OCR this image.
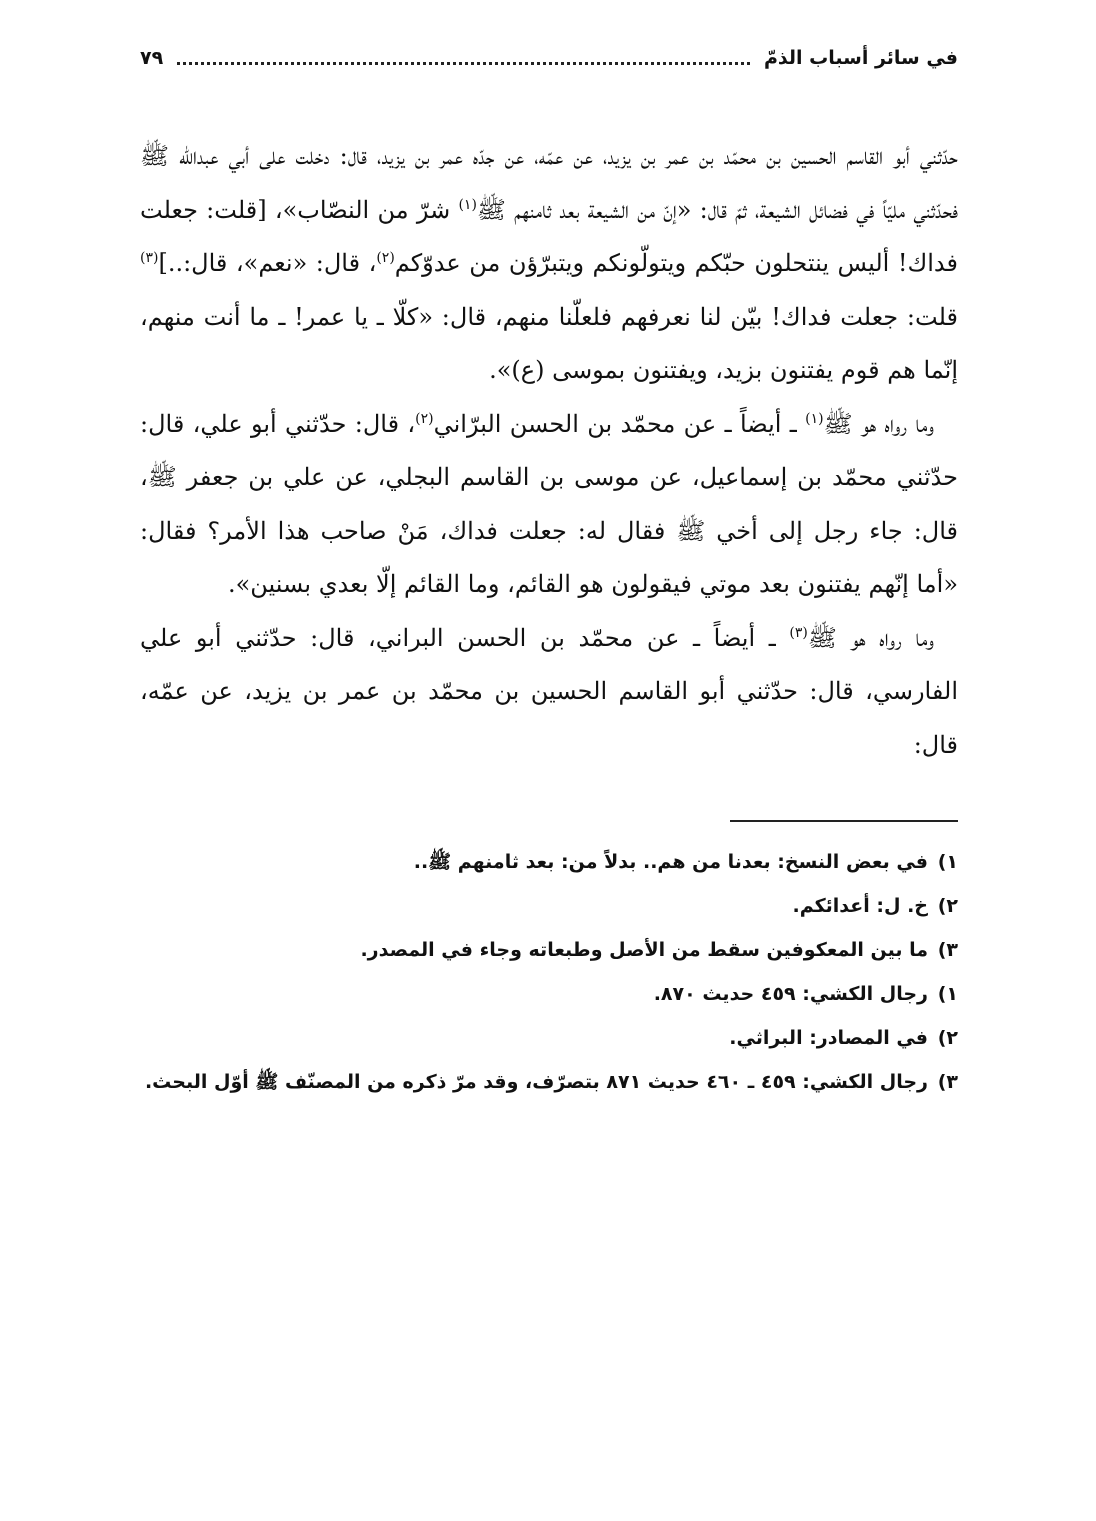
في سائر أسباب الذمّ
٧٩

حدّثني أبو القاسم الحسين بن محمّد بن عمر بن يزيد، عن عمّه، عن جدّه عمر بن يزيد، قال: دخلت على أبي عبدالله ﷺ فحدّثني مليّاً في فضائل الشيعة، ثمّ قال: «إنّ من الشيعة بعد ثامنهم ﷺ$^{(١)}$ شرّ من النصّاب»، [قلت: جعلت فداك! أليس ينتحلون حبّكم ويتولّونكم ويتبرّؤن من عدوّكم$^{(٢)}$، قال: «نعم»، قال:..]$^{(٣)}$ قلت: جعلت فداك! بيّن لنا نعرفهم فلعلّنا منهم، قال: «كلّا ـ يا عمر! ـ ما أنت منهم، إنّما هم قوم يفتنون بزيد، ويفتنون بموسى (ع)».

وما رواه هو ﷺ$^{(١)}$ ـ أيضاً ـ عن محمّد بن الحسن البرّاني$^{(٢)}$، قال: حدّثني أبو علي، قال: حدّثني محمّد بن إسماعيل، عن موسى بن القاسم البجلي، عن علي بن جعفر ﷺ، قال: جاء رجل إلى أخي ﷺ فقال له: جعلت فداك، مَنْ صاحب هذا الأمر؟ فقال: «أما إنّهم يفتنون بعد موتي فيقولون هو القائم، وما القائم إلّا بعدي بسنين».

وما رواه هو ﷺ$^{(٣)}$ ـ أيضاً ـ عن محمّد بن الحسن البراني، قال: حدّثني أبو علي الفارسي، قال: حدّثني أبو القاسم الحسين بن محمّد بن عمر بن يزيد، عن عمّه، قال:

١)
في بعض النسخ: بعدنا من هم.. بدلاً من: بعد ثامنهم ﷺ..
٢)
خ. ل: أعدائكم.
٣)
ما بين المعكوفين سقط من الأصل وطبعاته وجاء في المصدر.
١)
رجال الكشي: ٤٥٩ حديث ٨٧٠.
٢)
في المصادر: البراثي.
٣)
رجال الكشي: ٤٥٩ ـ ٤٦٠ حديث ٨٧١ بتصرّف، وقد مرّ ذكره من المصنّف ﷺ أوّل البحث.
